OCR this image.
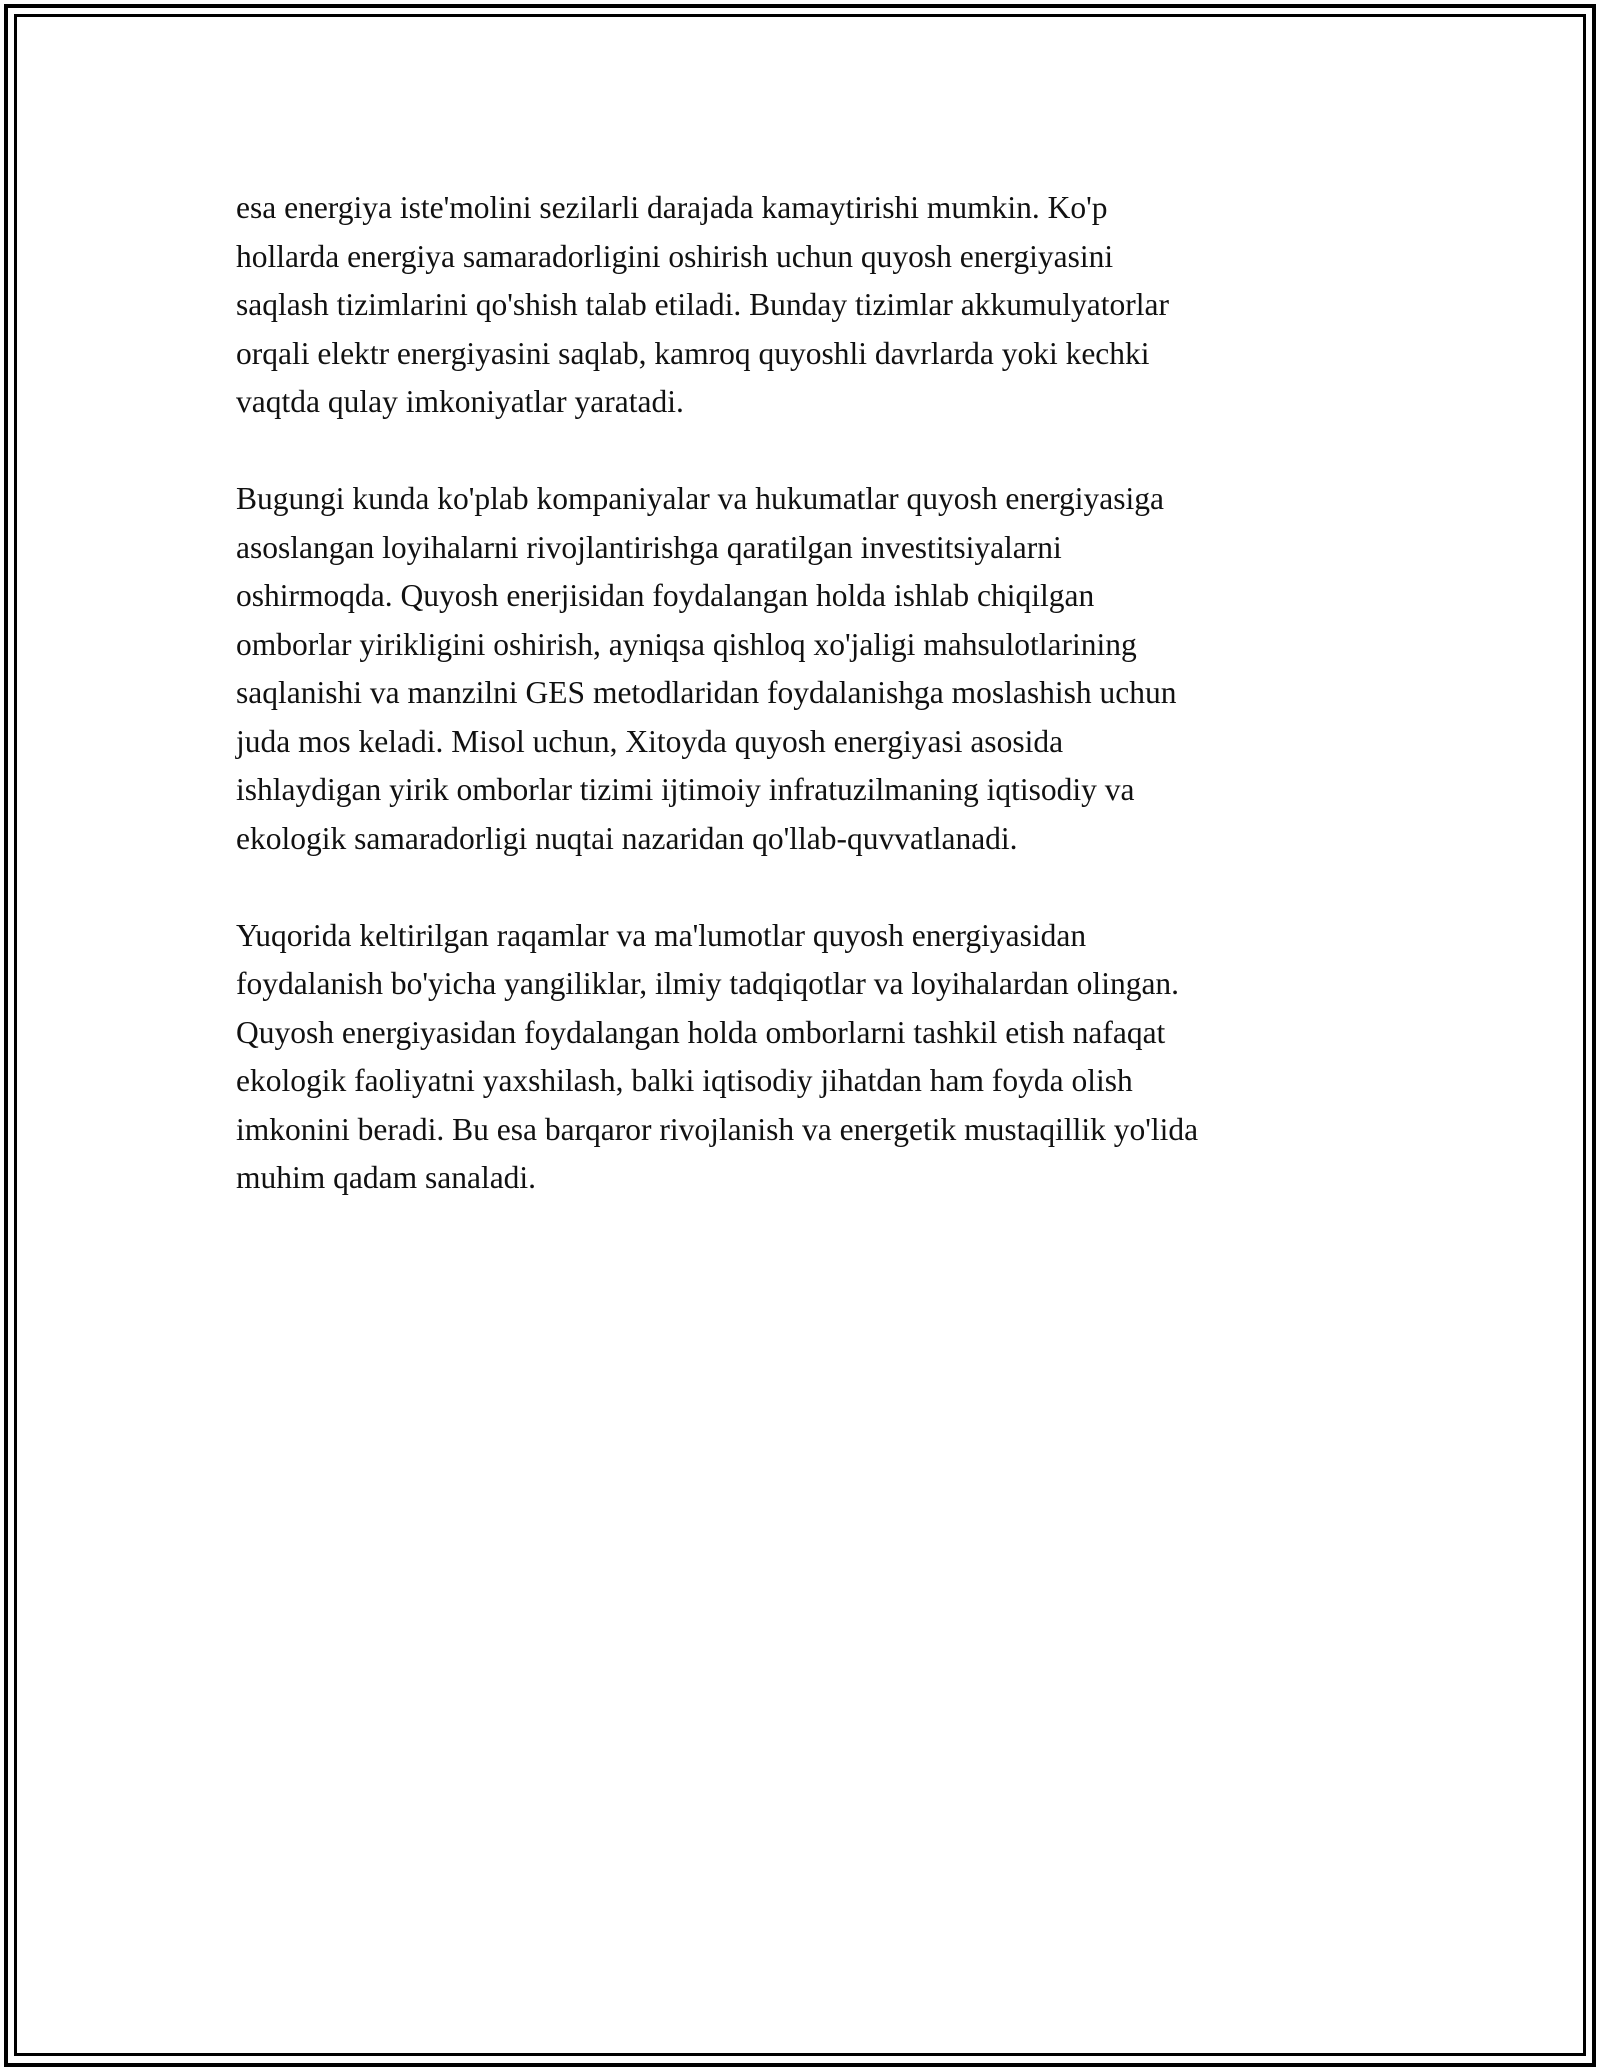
esa energiya iste'molini sezilarli darajada kamaytirishi mumkin. Ko'p
hollarda energiya samaradorligini oshirish uchun quyosh energiyasini
saqlash tizimlarini qo'shish talab etiladi. Bunday tizimlar akkumulyatorlar
orqali elektr energiyasini saqlab, kamroq quyoshli davrlarda yoki kechki
vaqtda qulay imkoniyatlar yaratadi.

Bugungi kunda ko'plab kompaniyalar va hukumatlar quyosh energiyasiga
asoslangan loyihalarni rivojlantirishga qaratilgan investitsiyalarni
oshirmoqda. Quyosh enerjisidan foydalangan holda ishlab chiqilgan
omborlar yirikligini oshirish, ayniqsa qishloq xo'jaligi mahsulotlarining
saqlanishi va manzilni GES metodlaridan foydalanishga moslashish uchun
juda mos keladi. Misol uchun, Xitoyda quyosh energiyasi asosida
ishlaydigan yirik omborlar tizimi ijtimoiy infratuzilmaning iqtisodiy va
ekologik samaradorligi nuqtai nazaridan qo'llab-quvvatlanadi.

Yuqorida keltirilgan raqamlar va ma'lumotlar quyosh energiyasidan
foydalanish bo'yicha yangiliklar, ilmiy tadqiqotlar va loyihalardan olingan.
Quyosh energiyasidan foydalangan holda omborlarni tashkil etish nafaqat
ekologik faoliyatni yaxshilash, balki iqtisodiy jihatdan ham foyda olish
imkonini beradi. Bu esa barqaror rivojlanish va energetik mustaqillik yo'lida
muhim qadam sanaladi.
